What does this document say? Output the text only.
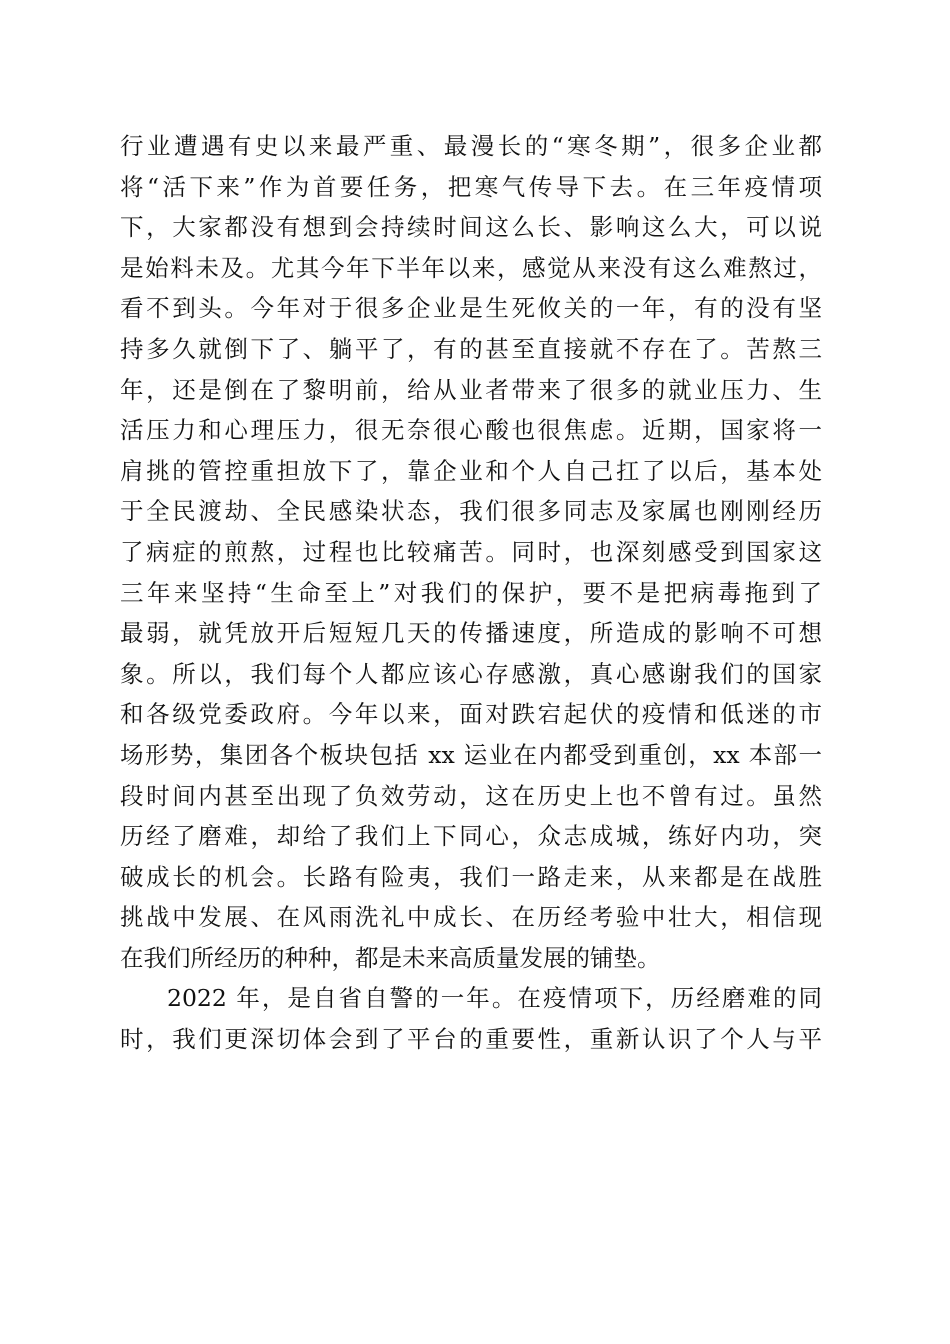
行业遭遇有史以来最严重、最漫长的“寒冬期”，很多企业都
将“活下来”作为首要任务，把寒气传导下去。在三年疫情项
下，大家都没有想到会持续时间这么长、影响这么大，可以说
是始料未及。尤其今年下半年以来，感觉从来没有这么难熬过，
看不到头。今年对于很多企业是生死攸关的一年，有的没有坚
持多久就倒下了、躺平了，有的甚至直接就不存在了。苦熬三
年，还是倒在了黎明前，给从业者带来了很多的就业压力、生
活压力和心理压力，很无奈很心酸也很焦虑。近期，国家将一
肩挑的管控重担放下了，靠企业和个人自己扛了以后，基本处
于全民渡劫、全民感染状态，我们很多同志及家属也刚刚经历
了病症的煎熬，过程也比较痛苦。同时，也深刻感受到国家这
三年来坚持“生命至上”对我们的保护，要不是把病毒拖到了
最弱，就凭放开后短短几天的传播速度，所造成的影响不可想
象。所以，我们每个人都应该心存感激，真心感谢我们的国家
和各级党委政府。今年以来，面对跌宕起伏的疫情和低迷的市
场形势，集团各个板块包括 xx 运业在内都受到重创，xx 本部一
段时间内甚至出现了负效劳动，这在历史上也不曾有过。虽然
历经了磨难，却给了我们上下同心，众志成城，练好内功，突
破成长的机会。长路有险夷，我们一路走来，从来都是在战胜
挑战中发展、在风雨洗礼中成长、在历经考验中壮大，相信现
在我们所经历的种种，都是未来高质量发展的铺垫。
2022 年，是自省自警的一年。在疫情项下，历经磨难的同
时，我们更深切体会到了平台的重要性，重新认识了个人与平
